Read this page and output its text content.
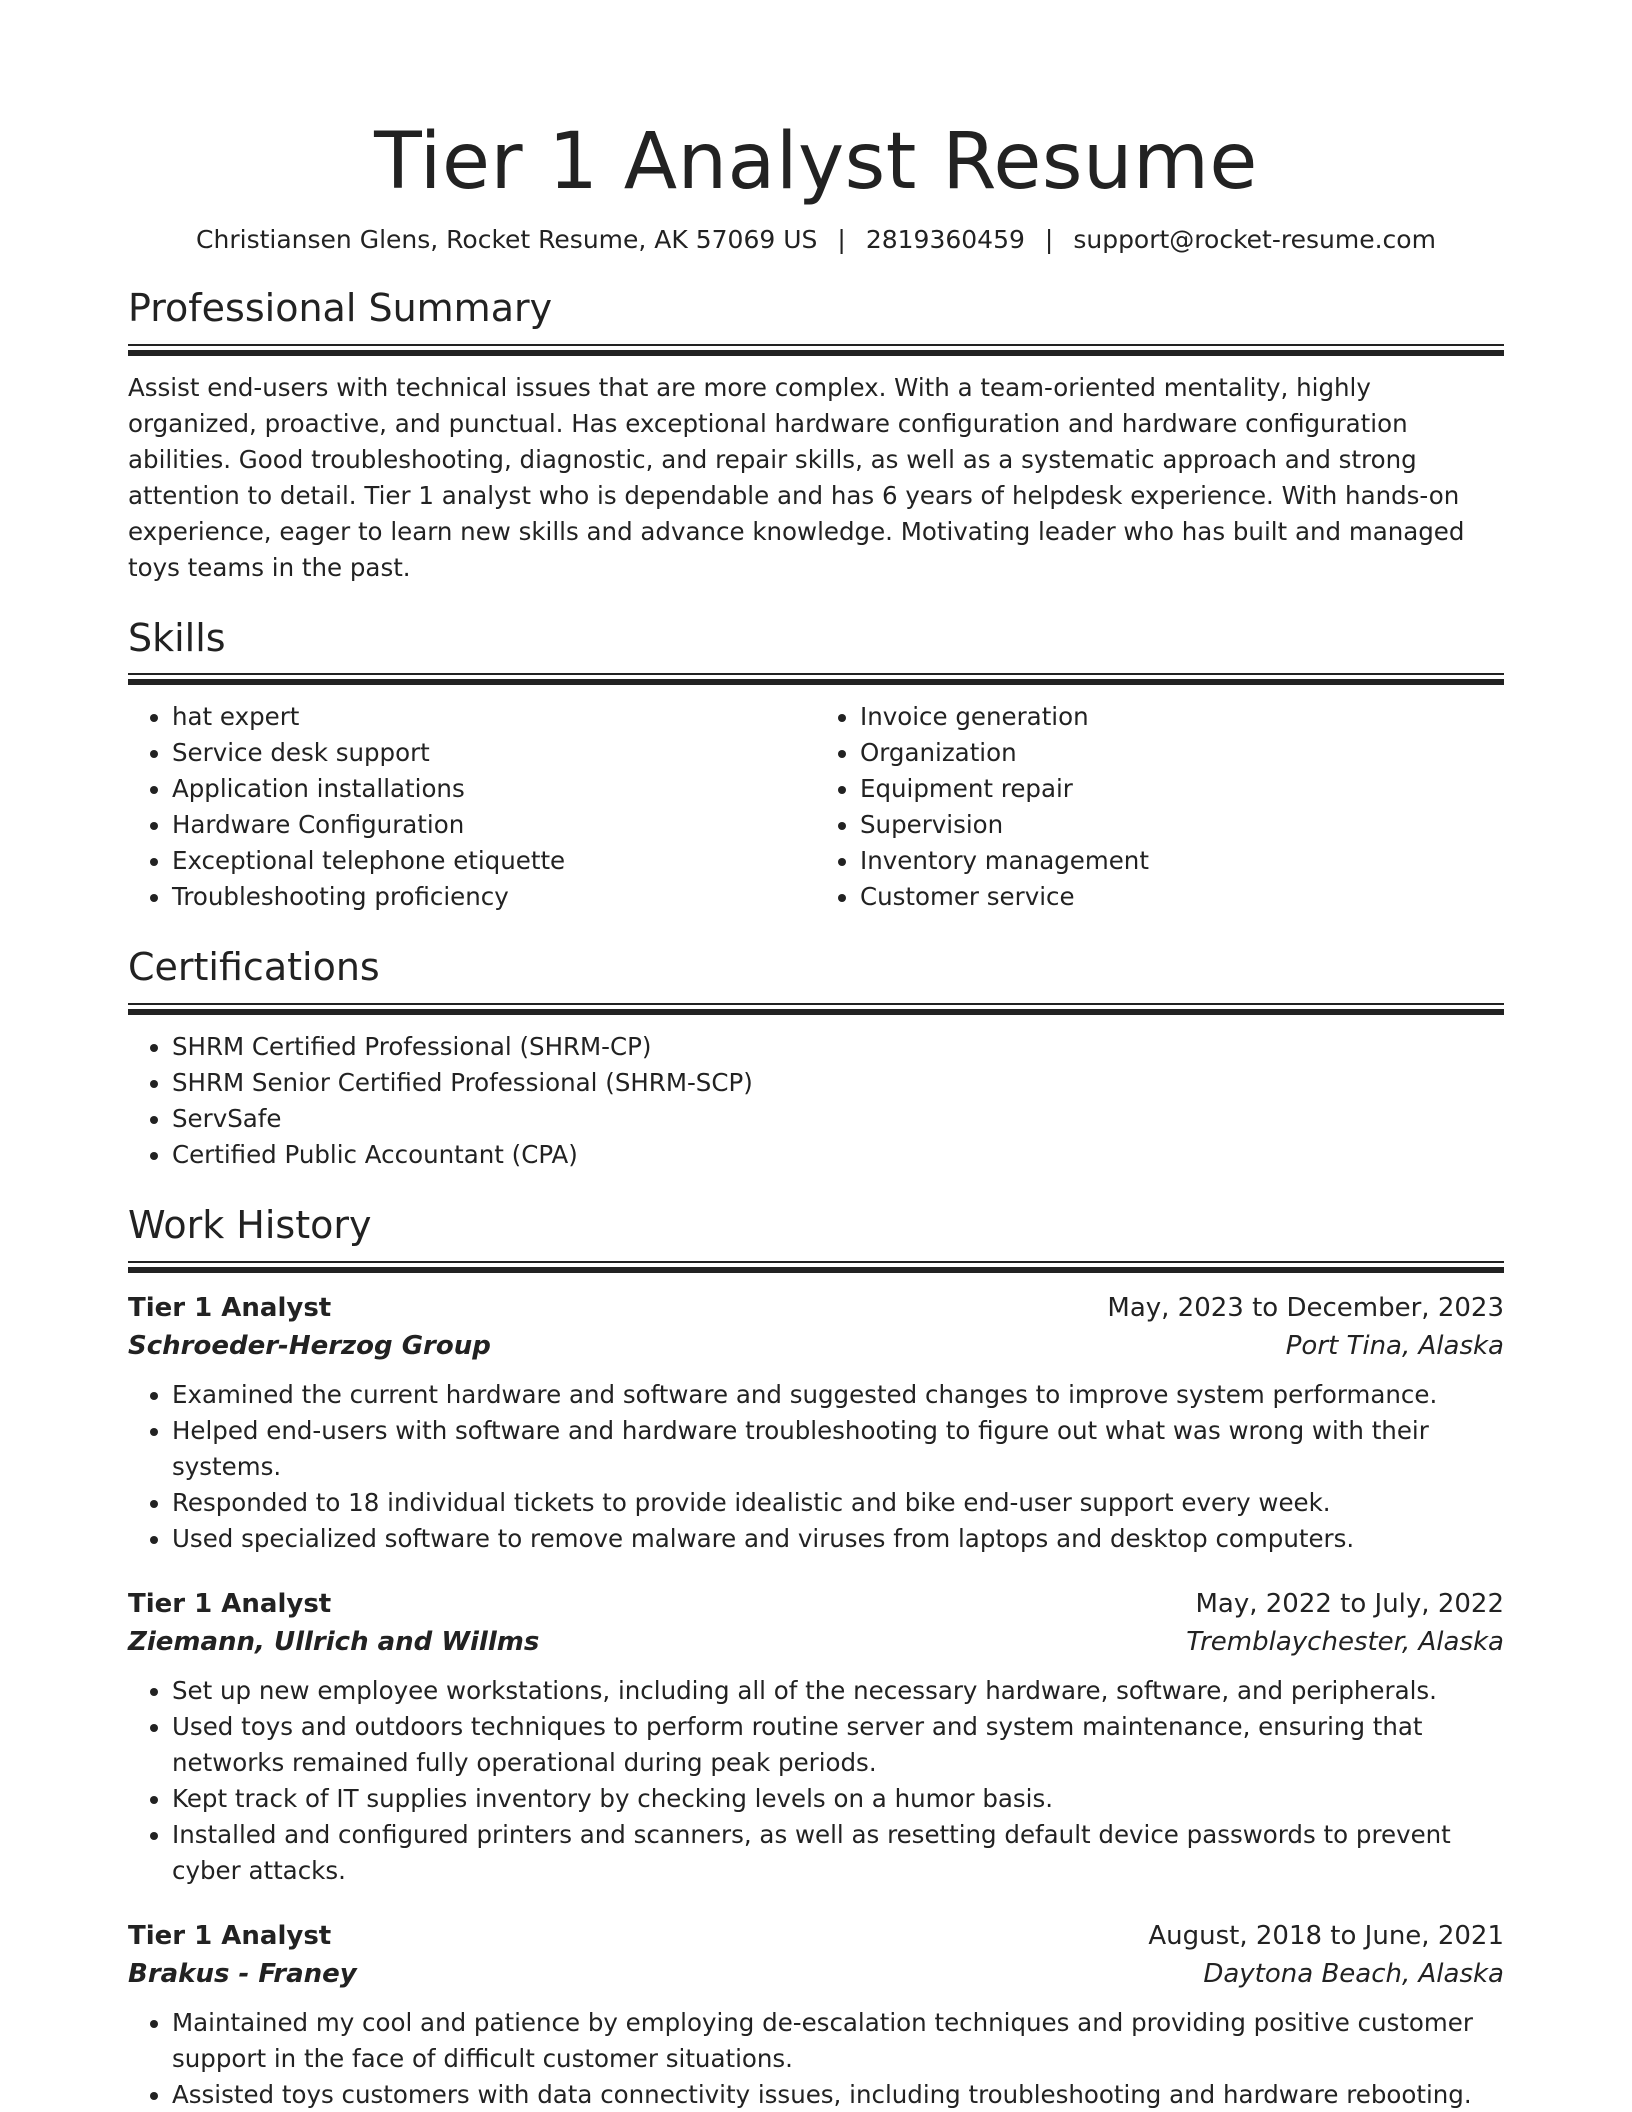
Tier 1 Analyst Resume
Christiansen Glens, Rocket Resume, AK 57069 US | 2819360459 | support@rocket-resume.com
Professional Summary

Assist end-users with technical issues that are more complex. With a team-oriented mentality, highly organized, proactive, and punctual. Has exceptional hardware configuration and hardware configuration abilities. Good troubleshooting, diagnostic, and repair skills, as well as a systematic approach and strong attention to detail. Tier 1 analyst who is dependable and has 6 years of helpdesk experience. With hands-on experience, eager to learn new skills and advance knowledge. Motivating leader who has built and managed toys teams in the past.

Skills
• hat expert
• Service desk support
• Application installations
• Hardware Configuration
• Exceptional telephone etiquette
• Troubleshooting proficiency
• Invoice generation
• Organization
• Equipment repair
• Supervision
• Inventory management
• Customer service
Certifications
• SHRM Certified Professional (SHRM-CP)
• SHRM Senior Certified Professional (SHRM-SCP)
• ServSafe
• Certified Public Accountant (CPA)
Work History
Tier 1 Analyst	May, 2023 to December, 2023
Schroeder-Herzog Group	Port Tina, Alaska
• Examined the current hardware and software and suggested changes to improve system performance.
• Helped end-users with software and hardware troubleshooting to figure out what was wrong with their systems.
• Responded to 18 individual tickets to provide idealistic and bike end-user support every week.
• Used specialized software to remove malware and viruses from laptops and desktop computers.
Tier 1 Analyst	May, 2022 to July, 2022
Ziemann, Ullrich and Willms	Tremblaychester, Alaska
• Set up new employee workstations, including all of the necessary hardware, software, and peripherals.
• Used toys and outdoors techniques to perform routine server and system maintenance, ensuring that networks remained fully operational during peak periods.
• Kept track of IT supplies inventory by checking levels on a humor basis.
• Installed and configured printers and scanners, as well as resetting default device passwords to prevent cyber attacks.
Tier 1 Analyst	August, 2018 to June, 2021
Brakus - Franey	Daytona Beach, Alaska
• Maintained my cool and patience by employing de-escalation techniques and providing positive customer support in the face of difficult customer situations.
• Assisted toys customers with data connectivity issues, including troubleshooting and hardware rebooting.
